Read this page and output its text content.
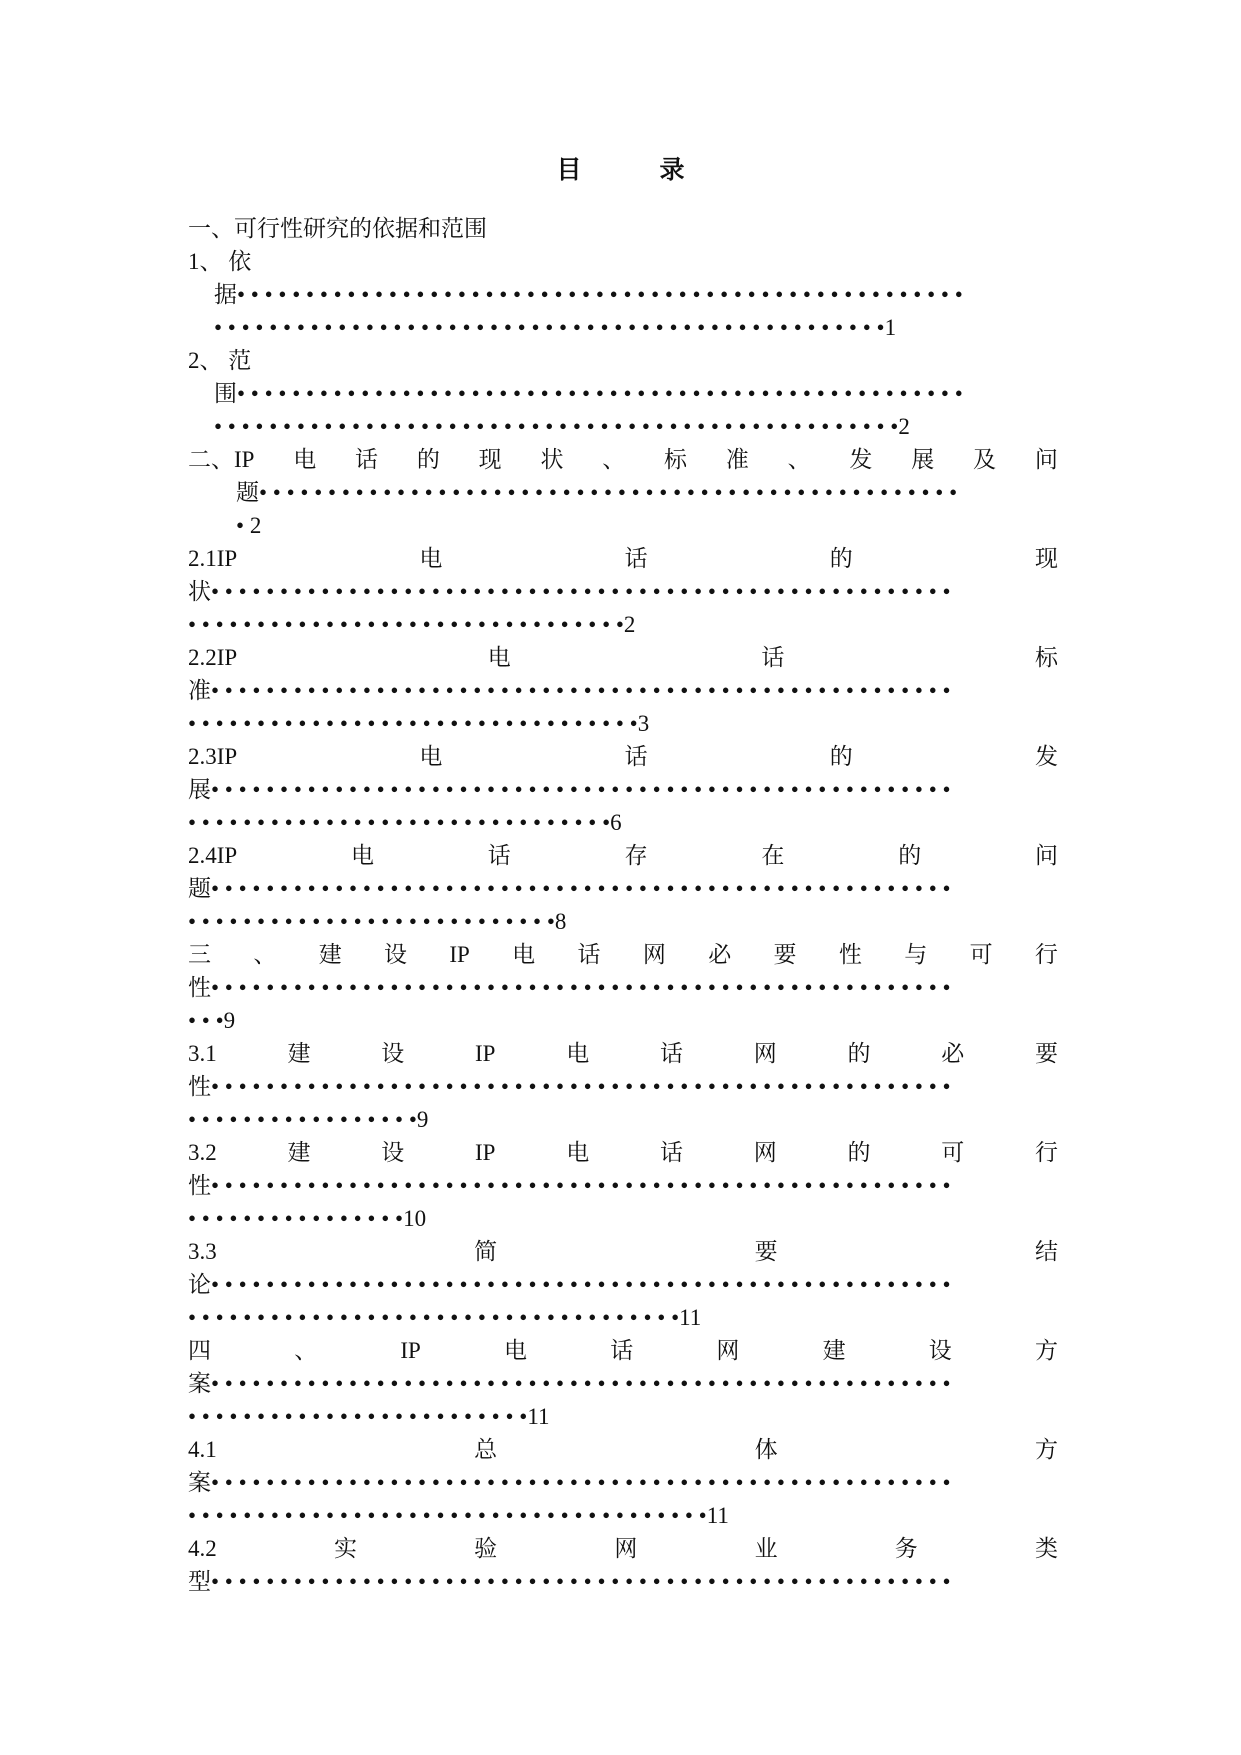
目	录
一、可行性研究的依据和范围
1、 依
据• • • • • • • • • • • • • • • • • • • • • • • • • • • • • • • • • • • • • • • • • • • • • • • • • • • • •
• • • • • • • • • • • • • • • • • • • • • • • • • • • • • • • • • • • • • • • • • • • • • • • • •1
2、 范
围• • • • • • • • • • • • • • • • • • • • • • • • • • • • • • • • • • • • • • • • • • • • • • • • • • • • •
• • • • • • • • • • • • • • • • • • • • • • • • • • • • • • • • • • • • • • • • • • • • • • • • • •2
二、IP 电 话 的 现 状 、 标 准 、 发 展 及 问
题• • • • • • • • • • • • • • • • • • • • • • • • • • • • • • • • • • • • • • • • • • • • • • • • • • •
• 2
2.1IP	电	话	的	现
状• • • • • • • • • • • • • • • • • • • • • • • • • • • • • • • • • • • • • • • • • • • • • • • • • • • • • •
• • • • • • • • • • • • • • • • • • • • • • • • • • • • • • • •2
2.2IP	电	话	标
准• • • • • • • • • • • • • • • • • • • • • • • • • • • • • • • • • • • • • • • • • • • • • • • • • • • • • •
• • • • • • • • • • • • • • • • • • • • • • • • • • • • • • • • •3
2.3IP	电	话	的	发
展• • • • • • • • • • • • • • • • • • • • • • • • • • • • • • • • • • • • • • • • • • • • • • • • • • • • • •
• • • • • • • • • • • • • • • • • • • • • • • • • • • • • • •6
2.4IP	电	话	存	在	的	问
题• • • • • • • • • • • • • • • • • • • • • • • • • • • • • • • • • • • • • • • • • • • • • • • • • • • • • •
• • • • • • • • • • • • • • • • • • • • • • • • • • •8
三 、 建 设 IP 电 话 网 必 要 性 与 可 行
性• • • • • • • • • • • • • • • • • • • • • • • • • • • • • • • • • • • • • • • • • • • • • • • • • • • • • •
• • •9
3.1	建	设	IP	电	话	网	的	必	要
性• • • • • • • • • • • • • • • • • • • • • • • • • • • • • • • • • • • • • • • • • • • • • • • • • • • • • •
• • • • • • • • • • • • • • • • •9
3.2	建	设	IP	电	话	网	的	可	行
性• • • • • • • • • • • • • • • • • • • • • • • • • • • • • • • • • • • • • • • • • • • • • • • • • • • • • •
• • • • • • • • • • • • • • • •10
3.3	简	要	结
论• • • • • • • • • • • • • • • • • • • • • • • • • • • • • • • • • • • • • • • • • • • • • • • • • • • • • •
• • • • • • • • • • • • • • • • • • • • • • • • • • • • • • • • • • • •11
四	、	IP	电	话	网	建	设	方
案• • • • • • • • • • • • • • • • • • • • • • • • • • • • • • • • • • • • • • • • • • • • • • • • • • • • • •
• • • • • • • • • • • • • • • • • • • • • • • • •11
4.1	总	体	方
案• • • • • • • • • • • • • • • • • • • • • • • • • • • • • • • • • • • • • • • • • • • • • • • • • • • • • •
• • • • • • • • • • • • • • • • • • • • • • • • • • • • • • • • • • • • • •11
4.2	实	验	网	业	务	类
型• • • • • • • • • • • • • • • • • • • • • • • • • • • • • • • • • • • • • • • • • • • • • • • • • • • • • •
